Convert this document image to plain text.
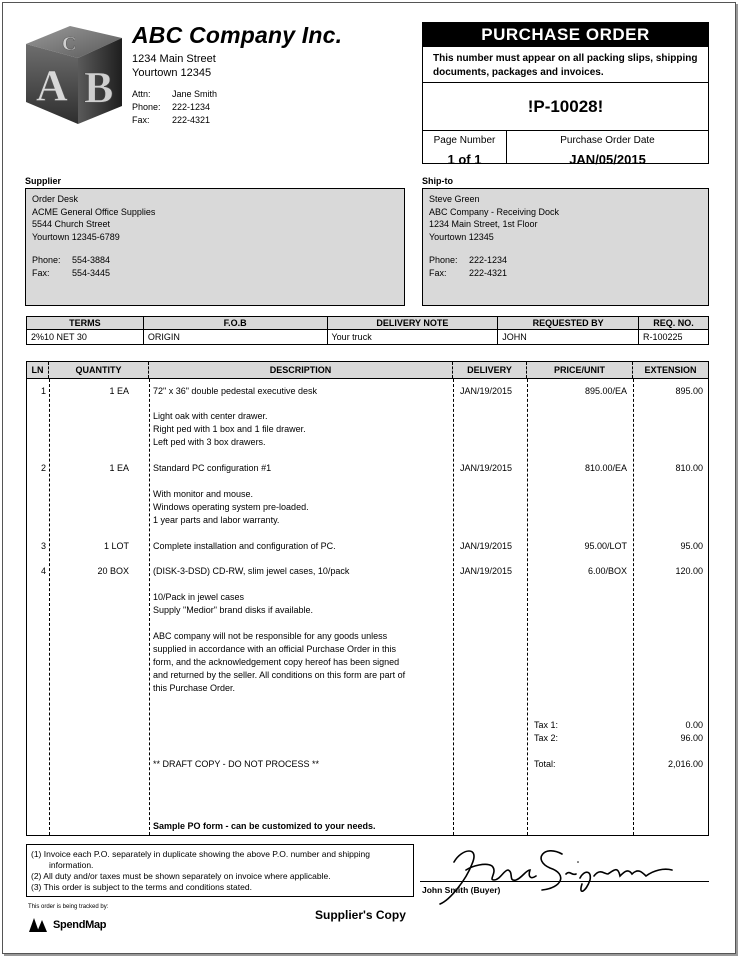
A B
C ABC Company Inc.
1234 Main Street
Yourtown 12345
Attn: Jane Smith
Phone: 222-1234
Fax: 222-4321
PURCHASE ORDER
This number must appear on all packing slips, shipping documents, packages and invoices.
!P-10028!
Page Number
1 of 1
Purchase Order Date
JAN/05/2015
Supplier
Order Desk
ACME General Office Supplies
5544 Church Street
Yourtown 12345-6789
Phone: 554-3884
Fax: 554-3445
Ship-to
Steve Green
ABC Company - Receiving Dock
1234 Main Street, 1st Floor
Yourtown 12345
Phone: 222-1234
Fax: 222-4321
TERMS	F.O.B	DELIVERY NOTE	REQUESTED BY	REQ. NO.
2%10 NET 30	ORIGIN	Your truck	JOHN	R-100225
LN	QUANTITY	DESCRIPTION	DELIVERY	PRICE/UNIT	EXTENSION
1	1 EA	72" x 36" double pedestal executive desk	JAN/19/2015	895.00/EA	895.00
Light oak with center drawer.
Right ped with 1 box and 1 file drawer.
Left ped with 3 box drawers.
2	1 EA	Standard PC configuration #1	JAN/19/2015	810.00/EA	810.00
With monitor and mouse.
Windows operating system pre-loaded.
1 year parts and labor warranty.
3	1 LOT	Complete installation and configuration of PC.	JAN/19/2015	95.00/LOT	95.00
4	20 BOX	(DISK-3-DSD) CD-RW, slim jewel cases, 10/pack	JAN/19/2015	6.00/BOX	120.00
10/Pack in jewel cases
Supply "Medior" brand disks if available.
ABC company will not be responsible for any goods unless
supplied in accordance with an official Purchase Order in this
form, and the acknowledgement copy hereof has been signed
and returned by the seller. All conditions on this form are part of
this Purchase Order.
Tax 1:	0.00
Tax 2:	96.00
** DRAFT COPY - DO NOT PROCESS **	Total:	2,016.00
Sample PO form - can be customized to your needs.
(1) Invoice each P.O. separately in duplicate showing the above P.O. number and shipping information.
(2) All duty and/or taxes must be shown separately on invoice where applicable.
(3) This order is subject to the terms and conditions stated.	John Smith (Buyer)
This order is being tracked by:
SpendMap
Supplier's Copy
